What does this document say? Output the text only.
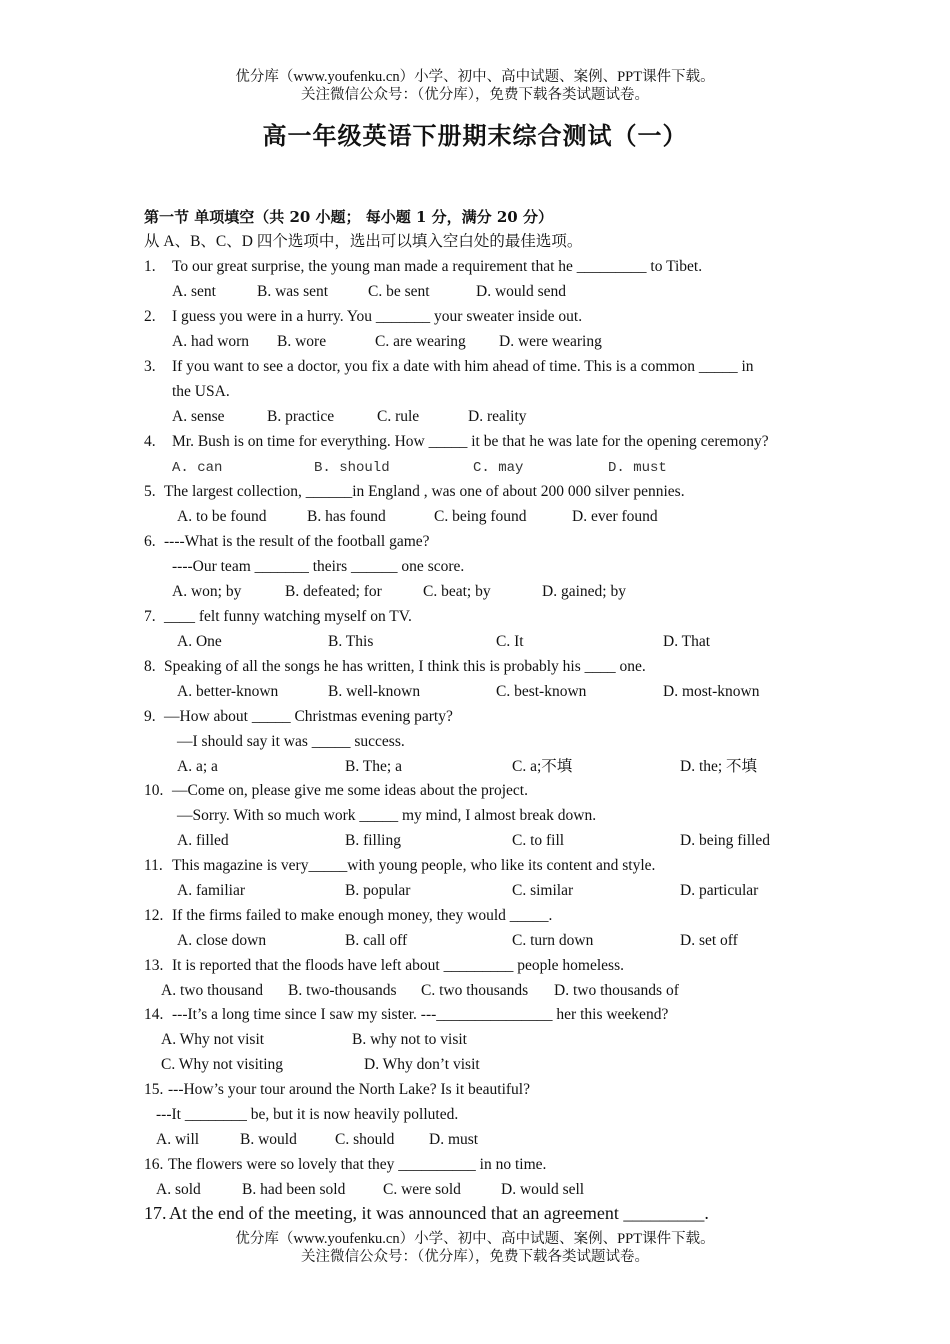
优分库（www.youfenku.cn）小学、初中、高中试题、案例、PPT课件下载。
关注微信公众号：（优分库），免费下载各类试题试卷。
高一年级英语下册期末综合测试（一）
第一节 单项填空（共 20 小题； 每小题 1 分，满分 20 分）
从 A、B、C、D 四个选项中，选出可以填入空白处的最佳选项。
1. To our great surprise, the young man made a requirement that he _________ to Tibet.
A. sent	B. was sent	C. be sent	D. would send
2. I guess you were in a hurry. You _______ your sweater inside out.
A. had worn B. wore	C. are wearing D. were wearing
3. If you want to see a doctor, you fix a date with him ahead of time. This is a common _____ in
the USA.
A. sense	B. practice	C. rule	D. reality
4. Mr. Bush is on time for everything. How _____ it be that he was late for the opening ceremony?
A. can	B. should	C. may	D. must
5. The largest collection, ______in England , was one of about 200 000 silver pennies.
A. to be found	B. has found	C. being found	D. ever found
6. ----What is the result of the football game?
----Our team _______ theirs ______ one score.
A. won; by	B. defeated; for	C. beat; by	D. gained; by
7. ____ felt funny watching myself on TV.
A. One	B. This	C. It	D. That
8. Speaking of all the songs he has written, I think this is probably his ____ one.
A. better-known	B. well-known	C. best-known	D. most-known
9. —How about _____ Christmas evening party?
—I should say it was _____ success.
A. a; a	B. The; a	C. a;不填	D. the; 不填
10. —Come on, please give me some ideas about the project.
—Sorry. With so much work _____ my mind, I almost break down.
A. filled	B. filling	C. to fill	D. being filled
11. This magazine is very_____with young people, who like its content and style.
A. familiar	B. popular	C. similar	D. particular
12. If the firms failed to make enough money, they would _____.
A. close down	B. call off	C. turn down	D. set off
13. It is reported that the floods have left about _________ people homeless.
A. two thousand B. two-thousands C. two thousands D. two thousands of
14. ---It’s a long time since I saw my sister. ---_______________ her this weekend?
A. Why not visit	B. why not to visit
C. Why not visiting	D. Why don’t visit
15. ---How’s your tour around the North Lake? Is it beautiful?
---It ________ be, but it is now heavily polluted.
A. will	B. would C. should D. must
16. The flowers were so lovely that they __________ in no time.
A. sold	B. had been sold C. were sold	D. would sell
17. At the end of the meeting, it was announced that an agreement _________.
优分库（www.youfenku.cn）小学、初中、高中试题、案例、PPT课件下载。
关注微信公众号：（优分库），免费下载各类试题试卷。
